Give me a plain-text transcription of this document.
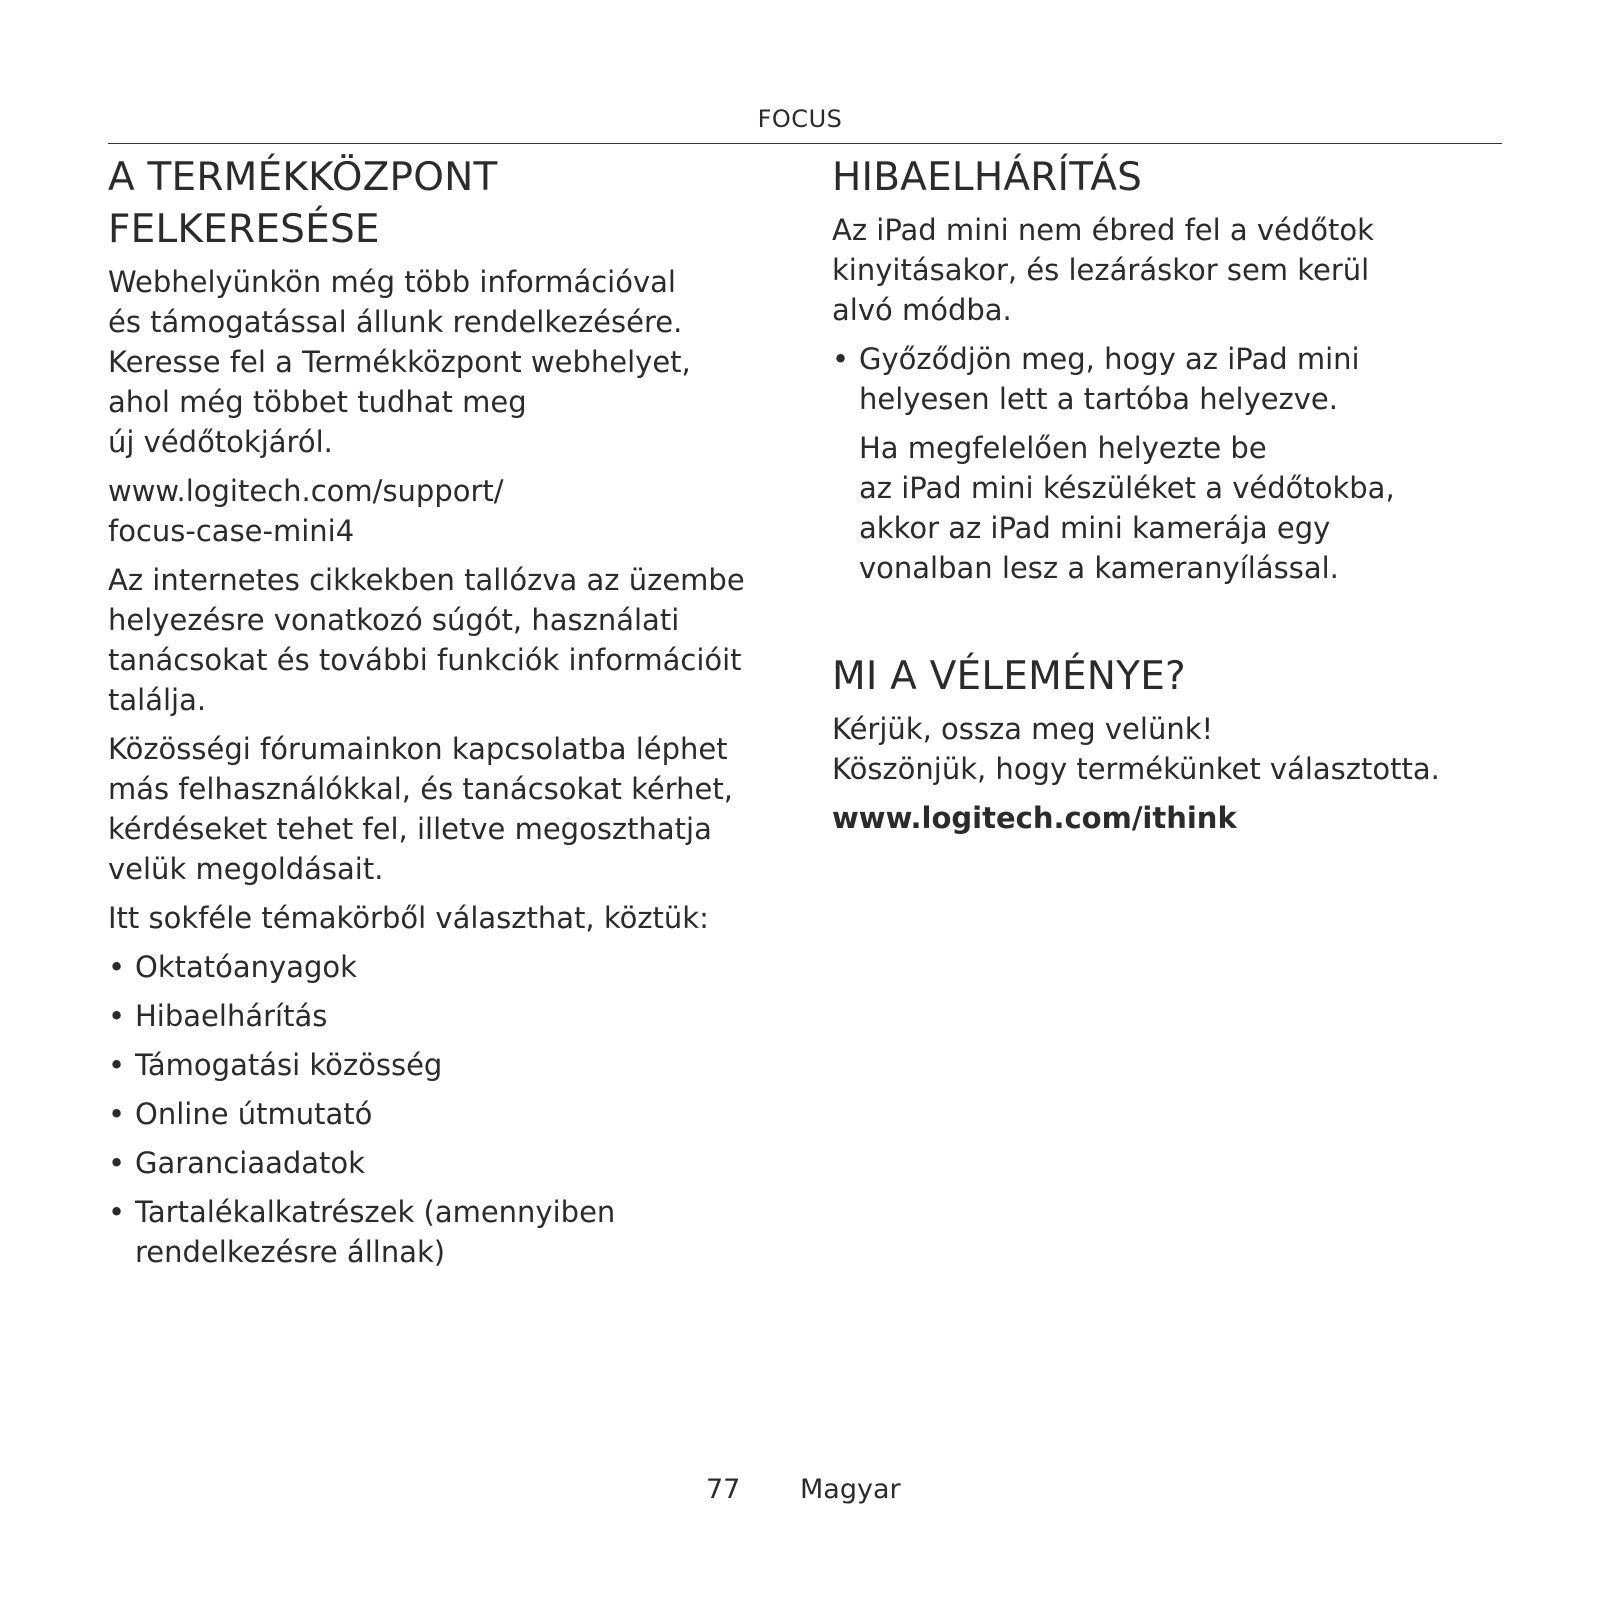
FOCUS
A TERMÉKKÖZPONT
FELKERESÉSE

Webhelyünkön még több információval
és támogatással állunk rendelkezésére.
Keresse fel a Termékközpont webhelyet,
ahol még többet tudhat meg
új védőtokjáról.

www.logitech.com/support/
focus-case-mini4

Az internetes cikkekben tallózva az üzembe
helyezésre vonatkozó súgót, használati
tanácsokat és további funkciók információit
találja.

Közösségi fórumainkon kapcsolatba léphet
más felhasználókkal, és tanácsokat kérhet,
kérdéseket tehet fel, illetve megoszthatja
velük megoldásait.

Itt sokféle témakörből választhat, köztük:

• Oktatóanyagok
• Hibaelhárítás
• Támogatási közösség
• Online útmutató
• Garanciaadatok
• Tartalékalkatrészek (amennyiben
rendelkezésre állnak)
HIBAELHÁRÍTÁS

Az iPad mini nem ébred fel a védőtok
kinyitásakor, és lezáráskor sem kerül
alvó módba.

• Győződjön meg, hogy az iPad mini
helyesen lett a tartóba helyezve.

Ha megfelelően helyezte be
az iPad mini készüléket a védőtokba,
akkor az iPad mini kamerája egy
vonalban lesz a kameranyílással.

MI A VÉLEMÉNYE?

Kérjük, ossza meg velünk!
Köszönjük, hogy termékünket választotta.

www.logitech.com/ithink

77 Magyar
